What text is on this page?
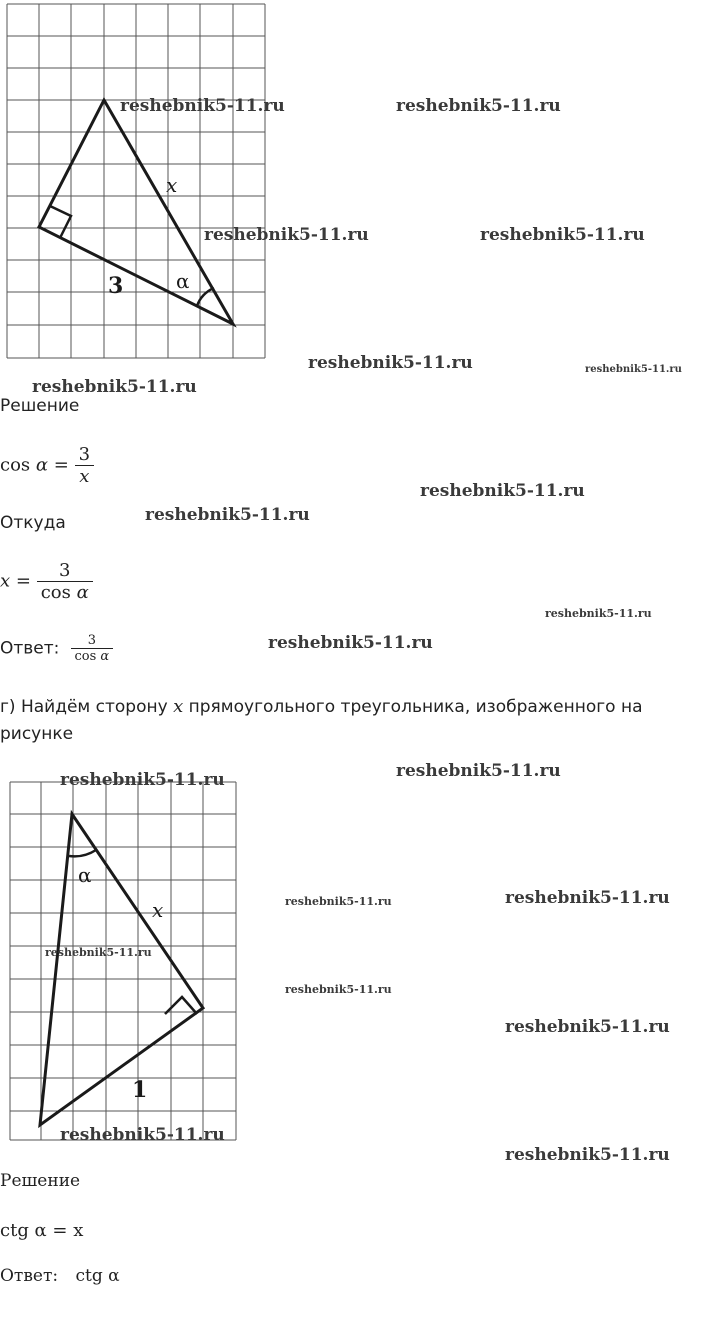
x
α
3
Решение
$\cos \alpha = \frac{3}{x}$
Откуда
$x = \frac{3}{\text{cos α}}$
Ответ: $\frac{3}{\text{cos α}}$
г) Найдём сторону x прямоугольного треугольника, изображенного на
рисунке
α
x
1
Решение
ctg α = x
Ответ: ctg α
reshebnik5-11.ru	reshebnik5-11.ru
reshebnik5-11.ru	reshebnik5-11.ru
reshebnik5-11.ru	reshebnik5-11.ru
reshebnik5-11.ru
reshebnik5-11.ru
reshebnik5-11.ru
reshebnik5-11.ru
reshebnik5-11.ru
reshebnik5-11.ru	reshebnik5-11.ru
reshebnik5-11.ru	reshebnik5-11.ru
reshebnik5-11.ru
reshebnik5-11.ru
reshebnik5-11.ru
reshebnik5-11.ru
reshebnik5-11.ru
